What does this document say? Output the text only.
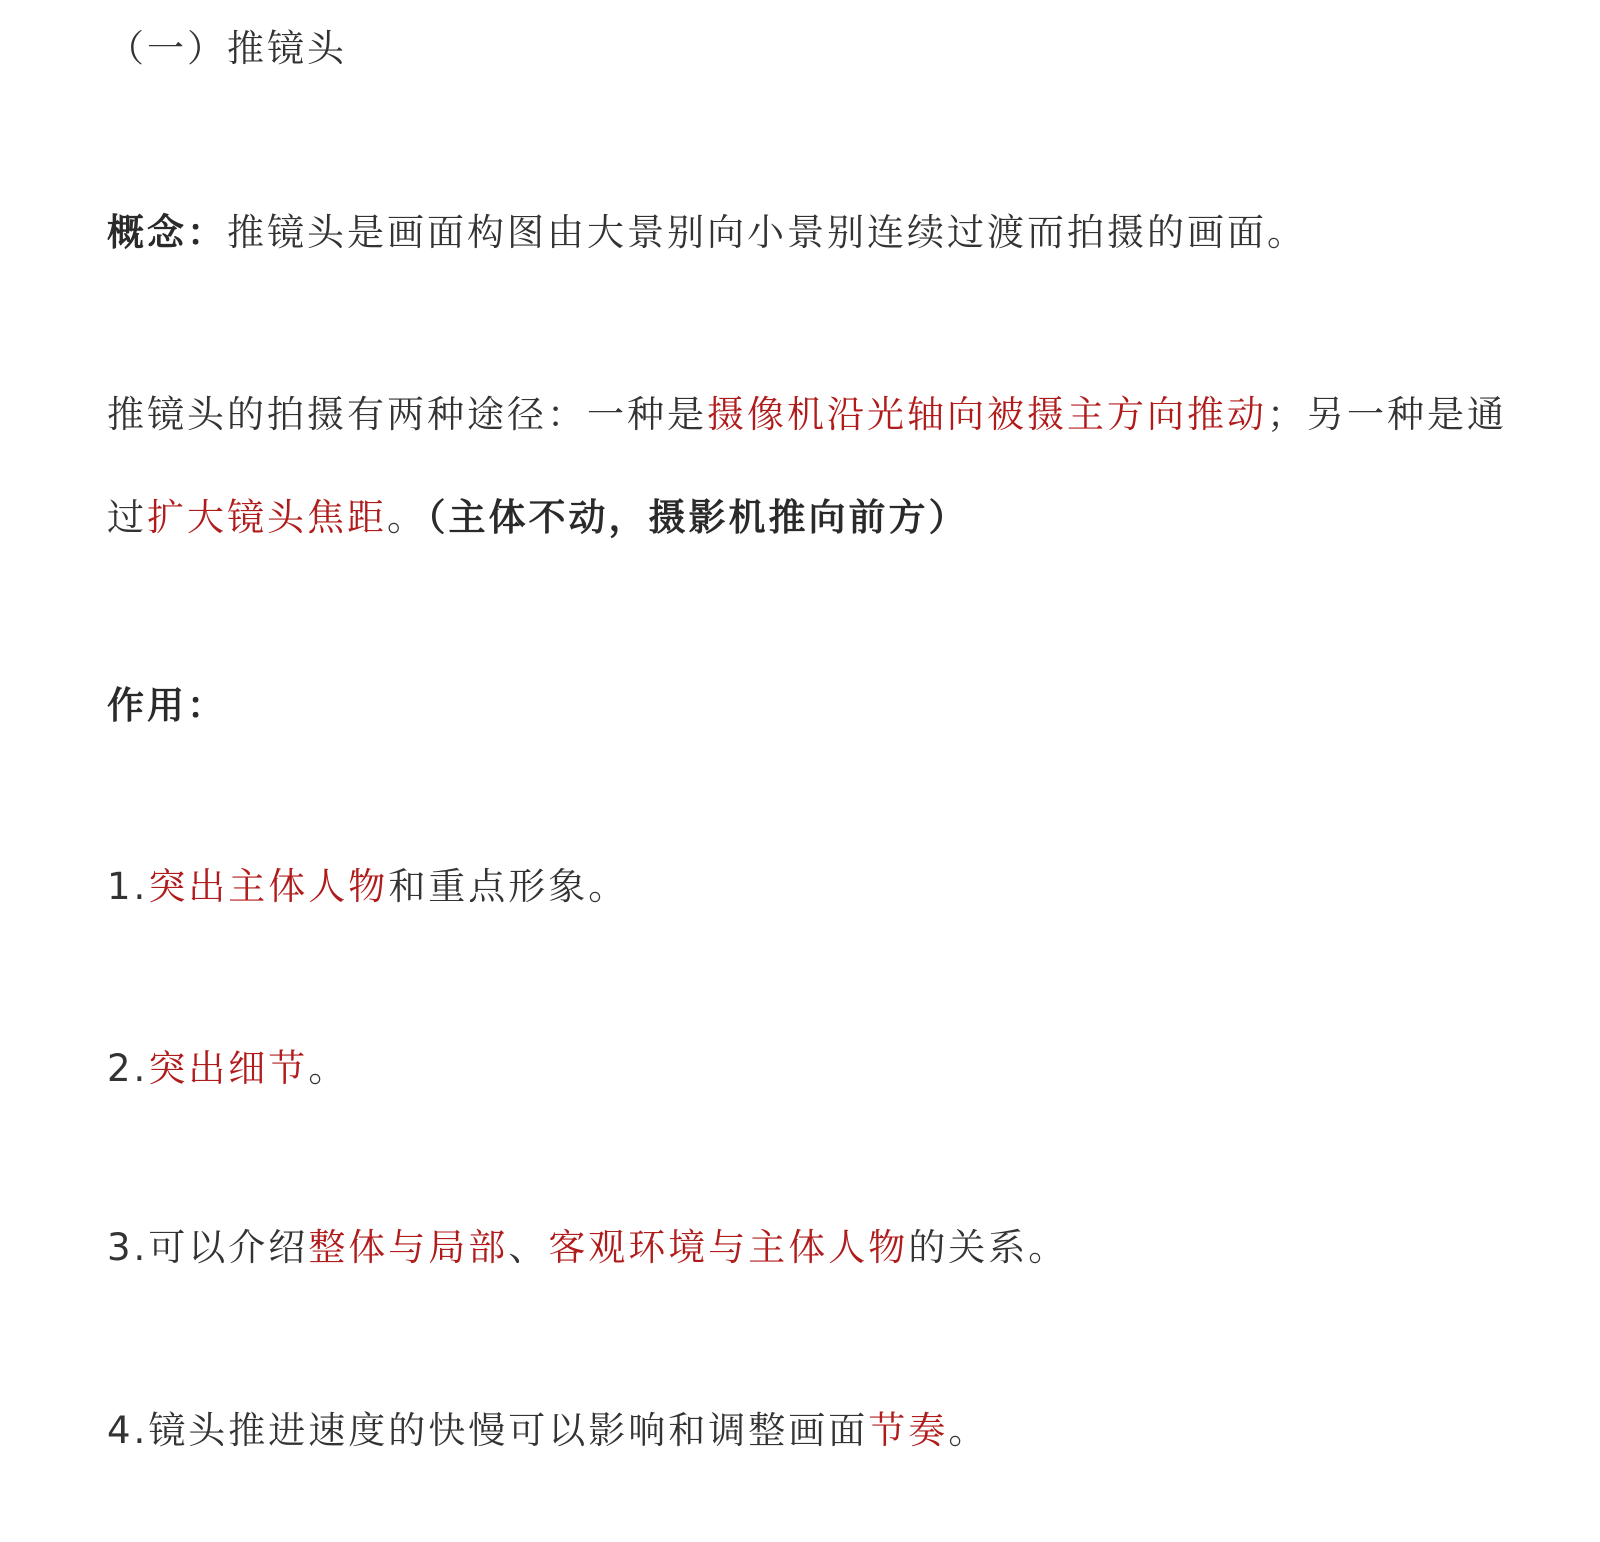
（一）推镜头
概念：推镜头是画面构图由大景别向小景别连续过渡而拍摄的画面。
推镜头的拍摄有两种途径：一种是摄像机沿光轴向被摄主方向推动；另一种是通
过扩大镜头焦距。（主体不动，摄影机推向前方）
作用：
1.突出主体人物和重点形象。
2.突出细节。
3.可以介绍整体与局部、客观环境与主体人物的关系。
4.镜头推进速度的快慢可以影响和调整画面节奏。
